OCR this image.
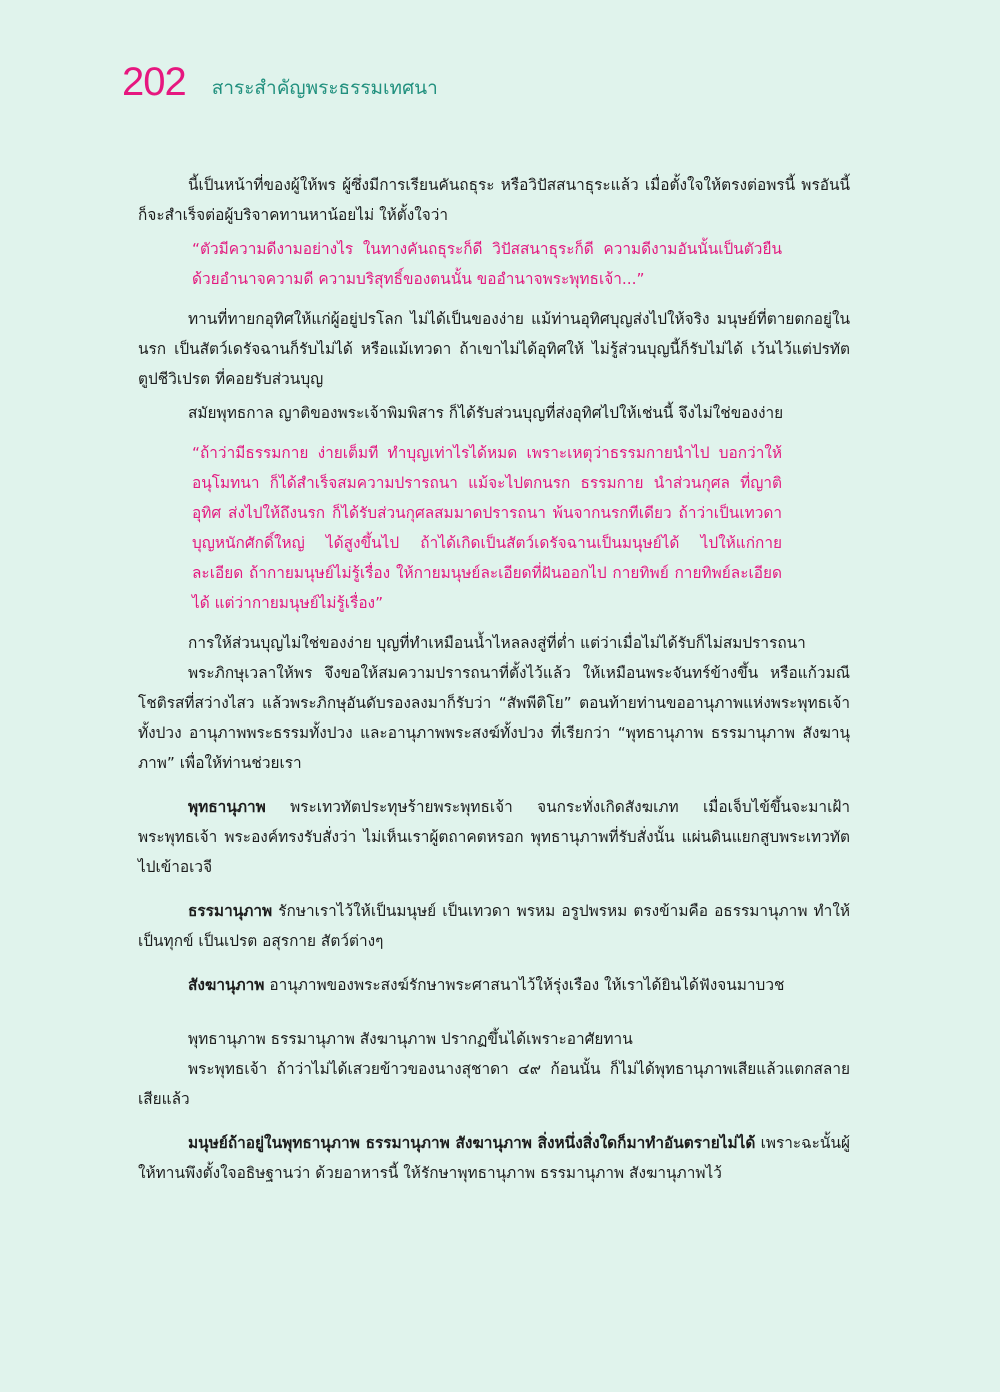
202 สาระสำคัญพระธรรมเทศนา

นี้เป็นหน้าที่ของผู้ให้พร ผู้ซึ่งมีการเรียนคันถธุระ หรือวิปัสสนาธุระแล้ว เมื่อตั้งใจให้ตรงต่อพรนี้ พรอันนี้ก็จะสำเร็จต่อผู้บริจาคทานหาน้อยไม่ ให้ตั้งใจว่า

“ตัวมีความดีงามอย่างไร ในทางคันถธุระก็ดี วิปัสสนาธุระก็ดี ความดีงามอันนั้นเป็นตัวยืน ด้วยอำนาจความดี ความบริสุทธิ์ของตนนั้น ขออำนาจพระพุทธเจ้า...”

ทานที่ทายกอุทิศให้แก่ผู้อยู่ปรโลก ไม่ได้เป็นของง่าย แม้ท่านอุทิศบุญส่งไปให้จริง มนุษย์ที่ตายตกอยู่ในนรก เป็นสัตว์เดรัจฉานก็รับไม่ได้ หรือแม้เทวดา ถ้าเขาไม่ได้อุทิศให้ ไม่รู้ส่วนบุญนี้ก็รับไม่ได้ เว้นไว้แต่ปรทัตตูปชีวิเปรต ที่คอยรับส่วนบุญ

สมัยพุทธกาล ญาติของพระเจ้าพิมพิสาร ก็ได้รับส่วนบุญที่ส่งอุทิศไปให้เช่นนี้ จึงไม่ใช่ของง่าย

“ถ้าว่ามีธรรมกาย ง่ายเต็มที ทำบุญเท่าไรได้หมด เพราะเหตุว่าธรรมกายนำไป บอกว่าให้อนุโมทนา ก็ได้สำเร็จสมความปรารถนา แม้จะไปตกนรก ธรรมกาย นำส่วนกุศล ที่ญาติอุทิศ ส่งไปให้ถึงนรก ก็ได้รับส่วนกุศลสมมาดปรารถนา พ้นจากนรกทีเดียว ถ้าว่าเป็นเทวดาบุญหนักศักดิ์ใหญ่ ได้สูงขึ้นไป ถ้าได้เกิดเป็นสัตว์เดรัจฉานเป็นมนุษย์ได้ ไปให้แก่กายละเอียด ถ้ากายมนุษย์ไม่รู้เรื่อง ให้กายมนุษย์ละเอียดที่ฝันออกไป กายทิพย์ กายทิพย์ละเอียดได้ แต่ว่ากายมนุษย์ไม่รู้เรื่อง”

การให้ส่วนบุญไม่ใช่ของง่าย บุญที่ทำเหมือนน้ำไหลลงสู่ที่ต่ำ แต่ว่าเมื่อไม่ได้รับก็ไม่สมปรารถนา

พระภิกษุเวลาให้พร จึงขอให้สมความปรารถนาที่ตั้งไว้แล้ว ให้เหมือนพระจันทร์ข้างขึ้น หรือแก้วมณีโชติรสที่สว่างไสว แล้วพระภิกษุอันดับรองลงมาก็รับว่า “สัพพีติโย” ตอนท้ายท่านขออานุภาพแห่งพระพุทธเจ้าทั้งปวง อานุภาพพระธรรมทั้งปวง และอานุภาพพระสงฆ์ทั้งปวง ที่เรียกว่า “พุทธานุภาพ ธรรมานุภาพ สังฆานุภาพ” เพื่อให้ท่านช่วยเรา

พุทธานุภาพ พระเทวทัตประทุษร้ายพระพุทธเจ้า จนกระทั่งเกิดสังฆเภท เมื่อเจ็บไข้ขึ้นจะมาเฝ้าพระพุทธเจ้า พระองค์ทรงรับสั่งว่า ไม่เห็นเราผู้ตถาคตหรอก พุทธานุภาพที่รับสั่งนั้น แผ่นดินแยกสูบพระเทวทัตไปเข้าอเวจี

ธรรมานุภาพ รักษาเราไว้ให้เป็นมนุษย์ เป็นเทวดา พรหม อรูปพรหม ตรงข้ามคือ อธรรมานุภาพ ทำให้เป็นทุกข์ เป็นเปรต อสุรกาย สัตว์ต่างๆ

สังฆานุภาพ อานุภาพของพระสงฆ์รักษาพระศาสนาไว้ให้รุ่งเรือง ให้เราได้ยินได้ฟังจนมาบวช

พุทธานุภาพ ธรรมานุภาพ สังฆานุภาพ ปรากฏขึ้นได้เพราะอาศัยทาน

พระพุทธเจ้า ถ้าว่าไม่ได้เสวยข้าวของนางสุชาดา ๔๙ ก้อนนั้น ก็ไม่ได้พุทธานุภาพเสียแล้วแตกสลายเสียแล้ว

มนุษย์ถ้าอยู่ในพุทธานุภาพ ธรรมานุภาพ สังฆานุภาพ สิ่งหนึ่งสิ่งใดก็มาทำอันตรายไม่ได้ เพราะฉะนั้นผู้ให้ทานพึงตั้งใจอธิษฐานว่า ด้วยอาหารนี้ ให้รักษาพุทธานุภาพ ธรรมานุภาพ สังฆานุภาพไว้
